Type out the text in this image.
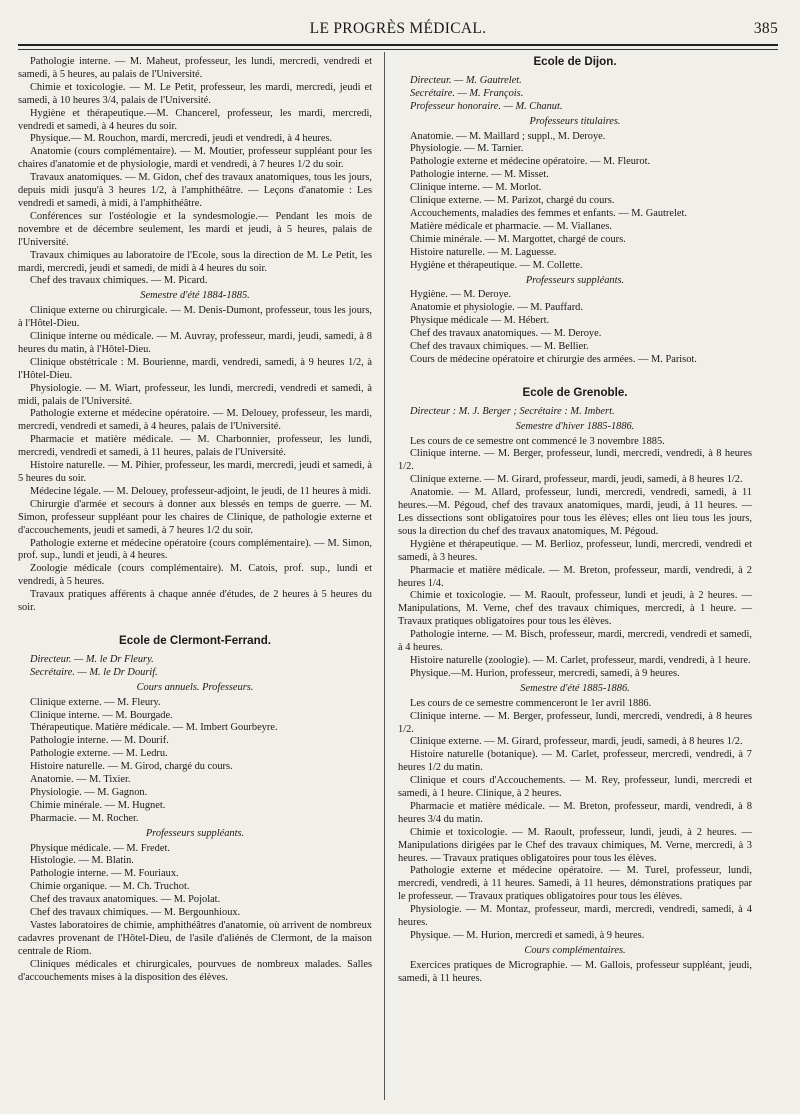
LE PROGRÈS MÉDICAL.	385

Pathologie interne. — M. Maheut, professeur, les lundi, mercredi, vendredi et samedi, à 5 heures, au palais de l'Université.

Chimie et toxicologie. — M. Le Petit, professeur, les mardi, mercredi, jeudi et samedi, à 10 heures 3/4, palais de l'Université.

Hygiène et thérapeutique.—M. Chancerel, professeur, les mardi, mercredi, vendredi et samedi, à 4 heures du soir.

Physique.— M. Rouchon, mardi, mercredi, jeudi et vendredi, à 4 heures.

Anatomie (cours complémentaire). — M. Moutier, professeur suppléant pour les chaires d'anatomie et de physiologie, mardi et vendredi, à 7 heures 1/2 du soir.

Travaux anatomiques. — M. Gidon, chef des travaux anatomiques, tous les jours, depuis midi jusqu'à 3 heures 1/2, à l'amphithéâtre. — Leçons d'anatomie : Les vendredi et samedi, à midi, à l'amphithéâtre.

Conférences sur l'ostéologie et la syndesmologie.— Pendant les mois de novembre et de décembre seulement, les mardi et jeudi, à 5 heures, palais de l'Université.

Travaux chimiques au laboratoire de l'Ecole, sous la direction de M. Le Petit, les mardi, mercredi, jeudi et samedi, de midi à 4 heures du soir.

Chef des travaux chimiques. — M. Picard.

Semestre d'été 1884-1885.

Clinique externe ou chirurgicale. — M. Denis-Dumont, professeur, tous les jours, à l'Hôtel-Dieu.

Clinique interne ou médicale. — M. Auvray, professeur, mardi, jeudi, samedi, à 8 heures du matin, à l'Hôtel-Dieu.

Clinique obstétricale : M. Bourienne, mardi, vendredi, samedi, à 9 heures 1/2, à l'Hôtel-Dieu.

Physiologie. — M. Wiart, professeur, les lundi, mercredi, vendredi et samedi, à midi, palais de l'Université.

Pathologie externe et médecine opératoire. — M. Delouey, professeur, les mardi, mercredi, vendredi et samedi, à 4 heures, palais de l'Université.

Pharmacie et matière médicale. — M. Charbonnier, professeur, les lundi, mercredi, vendredi et samedi, à 11 heures, palais de l'Université.

Histoire naturelle. — M. Pihier, professeur, les mardi, mercredi, jeudi et samedi, à 5 heures du soir.

Médecine légale. — M. Delouey, professeur-adjoint, le jeudi, de 11 heures à midi.

Chirurgie d'armée et secours à donner aux blessés en temps de guerre. — M. Simon, professeur suppléant pour les chaires de Clinique, de pathologie externe et d'accouchements, jeudi et samedi, à 7 heures 1/2 du soir.

Pathologie externe et médecine opératoire (cours complémentaire). — M. Simon, prof. sup., lundi et jeudi, à 4 heures.

Zoologie médicale (cours complémentaire). M. Catois, prof. sup., lundi et vendredi, à 5 heures.

Travaux pratiques afférents à chaque année d'études, de 2 heures à 5 heures du soir.

Ecole de Clermont-Ferrand.

Directeur. — M. le Dr Fleury.

Secrétaire. — M. le Dr Dourif.

Cours annuels. Professeurs.

Clinique externe. — M. Fleury.

Clinique interne. — M. Bourgade.

Thérapeutique. Matière médicale. — M. Imbert Gourbeyre.

Pathologie interne. — M. Dourif.

Pathologie externe. — M. Ledru.

Histoire naturelle. — M. Girod, chargé du cours.

Anatomie. — M. Tixier.

Physiologie. — M. Gagnon.

Chimie minérale. — M. Hugnet.

Pharmacie. — M. Rocher.

Professeurs suppléants.

Physique médicale. — M. Fredet.

Histologie. — M. Blatin.

Pathologie interne. — M. Fouriaux.

Chimie organique. — M. Ch. Truchot.

Chef des travaux anatomiques. — M. Pojolat.

Chef des travaux chimiques. — M. Bergounhioux.

Vastes laboratoires de chimie, amphithéâtres d'anatomie, où arrivent de nombreux cadavres provenant de l'Hôtel-Dieu, de l'asile d'aliénés de Clermont, de la maison centrale de Riom.

Cliniques médicales et chirurgicales, pourvues de nombreux malades. Salles d'accouchements mises à la disposition des élèves.

Ecole de Dijon.

Directeur. — M. Gautrelet.

Secrétaire. — M. François.

Professeur honoraire. — M. Chanut.

Professeurs titulaires.

Anatomie. — M. Maillard ; suppl., M. Deroye.

Physiologie. — M. Tarnier.

Pathologie externe et médecine opératoire. — M. Fleurot.

Pathologie interne. — M. Misset.

Clinique interne. — M. Morlot.

Clinique externe. — M. Parizot, chargé du cours.

Accouchements, maladies des femmes et enfants. — M. Gautrelet.

Matière médicale et pharmacie. — M. Viallanes.

Chimie minérale. — M. Margottet, chargé de cours.

Histoire naturelle. — M. Laguesse.

Hygiène et thérapeutique. — M. Collette.

Professeurs suppléants.

Hygiène. — M. Deroye.

Anatomie et physiologie. — M. Pauffard.

Physique médicale — M. Hébert.

Chef des travaux anatomiques. — M. Deroye.

Chef des travaux chimiques. — M. Bellier.

Cours de médecine opératoire et chirurgie des armées. — M. Parisot.

Ecole de Grenoble.

Directeur : M. J. Berger ; Secrétaire : M. Imbert.

Semestre d'hiver 1885-1886.

Les cours de ce semestre ont commencé le 3 novembre 1885.

Clinique interne. — M. Berger, professeur, lundi, mercredi, vendredi, à 8 heures 1/2.

Clinique externe. — M. Girard, professeur, mardi, jeudi, samedi, à 8 heures 1/2.

Anatomie. — M. Allard, professeur, lundi, mercredi, vendredi, samedi, à 11 heures.—M. Pégoud, chef des travaux anatomiques, mardi, jeudi, à 11 heures. — Les dissections sont obligatoires pour tous les élèves; elles ont lieu tous les jours, sous la direction du chef des travaux anatomiques, M. Pégoud.

Hygiène et thérapeutique. — M. Berlioz, professeur, lundi, mercredi, vendredi et samedi, à 3 heures.

Pharmacie et matière médicale. — M. Breton, professeur, mardi, vendredi, à 2 heures 1/4.

Chimie et toxicologie. — M. Raoult, professeur, lundi et jeudi, à 2 heures. — Manipulations, M. Verne, chef des travaux chimiques, mercredi, à 1 heure. — Travaux pratiques obligatoires pour tous les élèves.

Pathologie interne. — M. Bisch, professeur, mardi, mercredi, vendredi et samedi, à 4 heures.

Histoire naturelle (zoologie). — M. Carlet, professeur, mardi, vendredi, à 1 heure.

Physique.—M. Hurion, professeur, mercredi, samedi, à 9 heures.

Semestre d'été 1885-1886.

Les cours de ce semestre commenceront le 1er avril 1886.

Clinique interne. — M. Berger, professeur, lundi, mercredi, vendredi, à 8 heures 1/2.

Clinique externe. — M. Girard, professeur, mardi, jeudi, samedi, à 8 heures 1/2.

Histoire naturelle (botanique). — M. Carlet, professeur, mercredi, vendredi, à 7 heures 1/2 du matin.

Clinique et cours d'Accouchements. — M. Rey, professeur, lundi, mercredi et samedi, à 1 heure. Clinique, à 2 heures.

Pharmacie et matière médicale. — M. Breton, professeur, mardi, vendredi, à 8 heures 3/4 du matin.

Chimie et toxicologie. — M. Raoult, professeur, lundi, jeudi, à 2 heures. — Manipulations dirigées par le Chef des travaux chimiques, M. Verne, mercredi, à 3 heures. — Travaux pratiques obligatoires pour tous les élèves.

Pathologie externe et médecine opératoire. — M. Turel, professeur, lundi, mercredi, vendredi, à 11 heures. Samedi, à 11 heures, démonstrations pratiques par le professeur. — Travaux pratiques obligatoires pour tous les élèves.

Physiologie. — M. Montaz, professeur, mardi, mercredi, vendredi, samedi, à 4 heures.

Physique. — M. Hurion, mercredi et samedi, à 9 heures.

Cours complémentaires.

Exercices pratiques de Micrographie. — M. Gallois, professeur suppléant, jeudi, samedi, à 11 heures.
